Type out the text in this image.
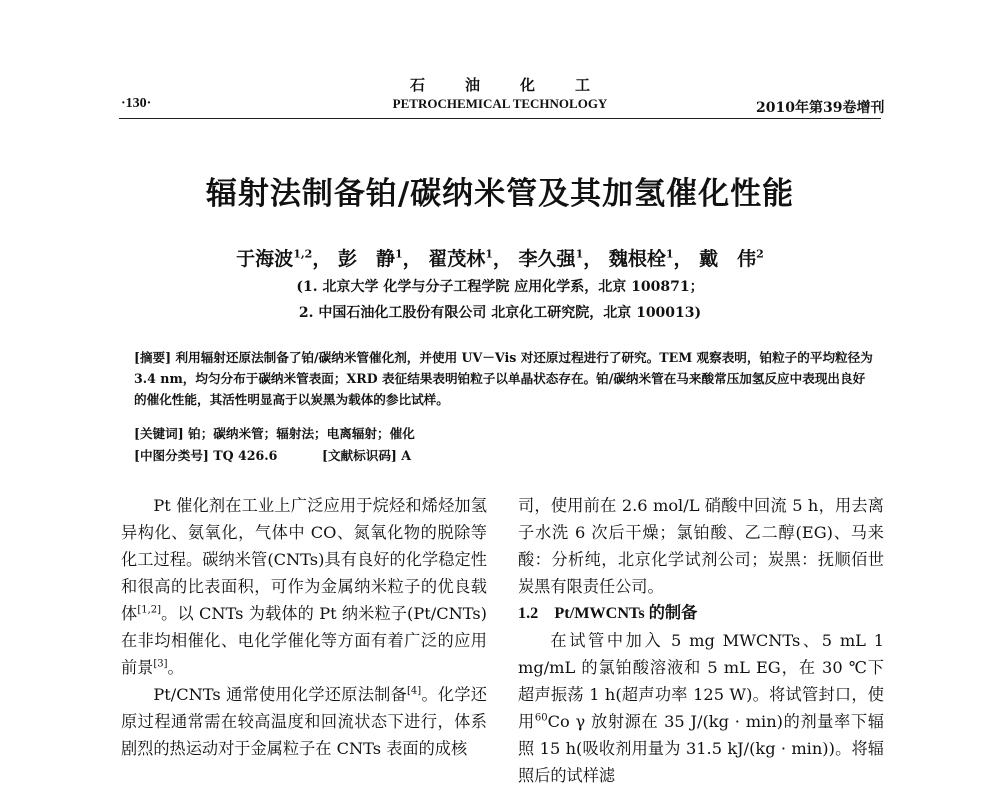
石油化工
·130·	PETROCHEMICAL TECHNOLOGY	2010年第39卷增刊
辐射法制备铂/碳纳米管及其加氢催化性能
于海波$^{1,2}$， 彭　静$^1$， 翟茂林$^1$， 李久强$^1$， 魏根栓$^1$， 戴　伟$^2$
(1. 北京大学 化学与分子工程学院 应用化学系，北京 100871；
2. 中国石油化工股份有限公司 北京化工研究院，北京 100013)

[摘要] 利用辐射还原法制备了铂/碳纳米管催化剂，并使用 UV－Vis 对还原过程进行了研究。TEM 观察表明，铂粒子的平均粒径为 3.4 nm，均匀分布于碳纳米管表面；XRD 表征结果表明铂粒子以单晶状态存在。铂/碳纳米管在马来酸常压加氢反应中表现出良好的催化性能，其活性明显高于以炭黑为载体的参比试样。

[关键词] 铂；碳纳米管；辐射法；电离辐射；催化
[中图分类号] TQ 426.6	[文献标识码] A

Pt 催化剂在工业上广泛应用于烷烃和烯烃加氢异构化、氨氧化，气体中 CO、氮氧化物的脱除等化工过程。碳纳米管(CNTs)具有良好的化学稳定性和很高的比表面积，可作为金属纳米粒子的优良载体[1,2]。以 CNTs 为载体的 Pt 纳米粒子(Pt/CNTs)在非均相催化、电化学催化等方面有着广泛的应用前景[3]。

Pt/CNTs 通常使用化学还原法制备[4]。化学还原过程通常需在较高温度和回流状态下进行，体系剧烈的热运动对于金属粒子在 CNTs 表面的成核

司，使用前在 2.6 mol/L 硝酸中回流 5 h，用去离子水洗 6 次后干燥；氯铂酸、乙二醇(EG)、马来酸：分析纯，北京化学试剂公司；炭黑：抚顺佰世炭黑有限责任公司。

1.2　Pt/MWCNTs 的制备

在试管中加入 5 mg MWCNTs、5 mL 1 mg/mL 的氯铂酸溶液和 5 mL EG，在 30 ℃下超声振荡 1 h(超声功率 125 W)。将试管封口，使用$^{60}$Co γ 放射源在 35 J/(kg · min)的剂量率下辐照 15 h(吸收剂用量为 31.5 kJ/(kg · min))。将辐照后的试样滤
